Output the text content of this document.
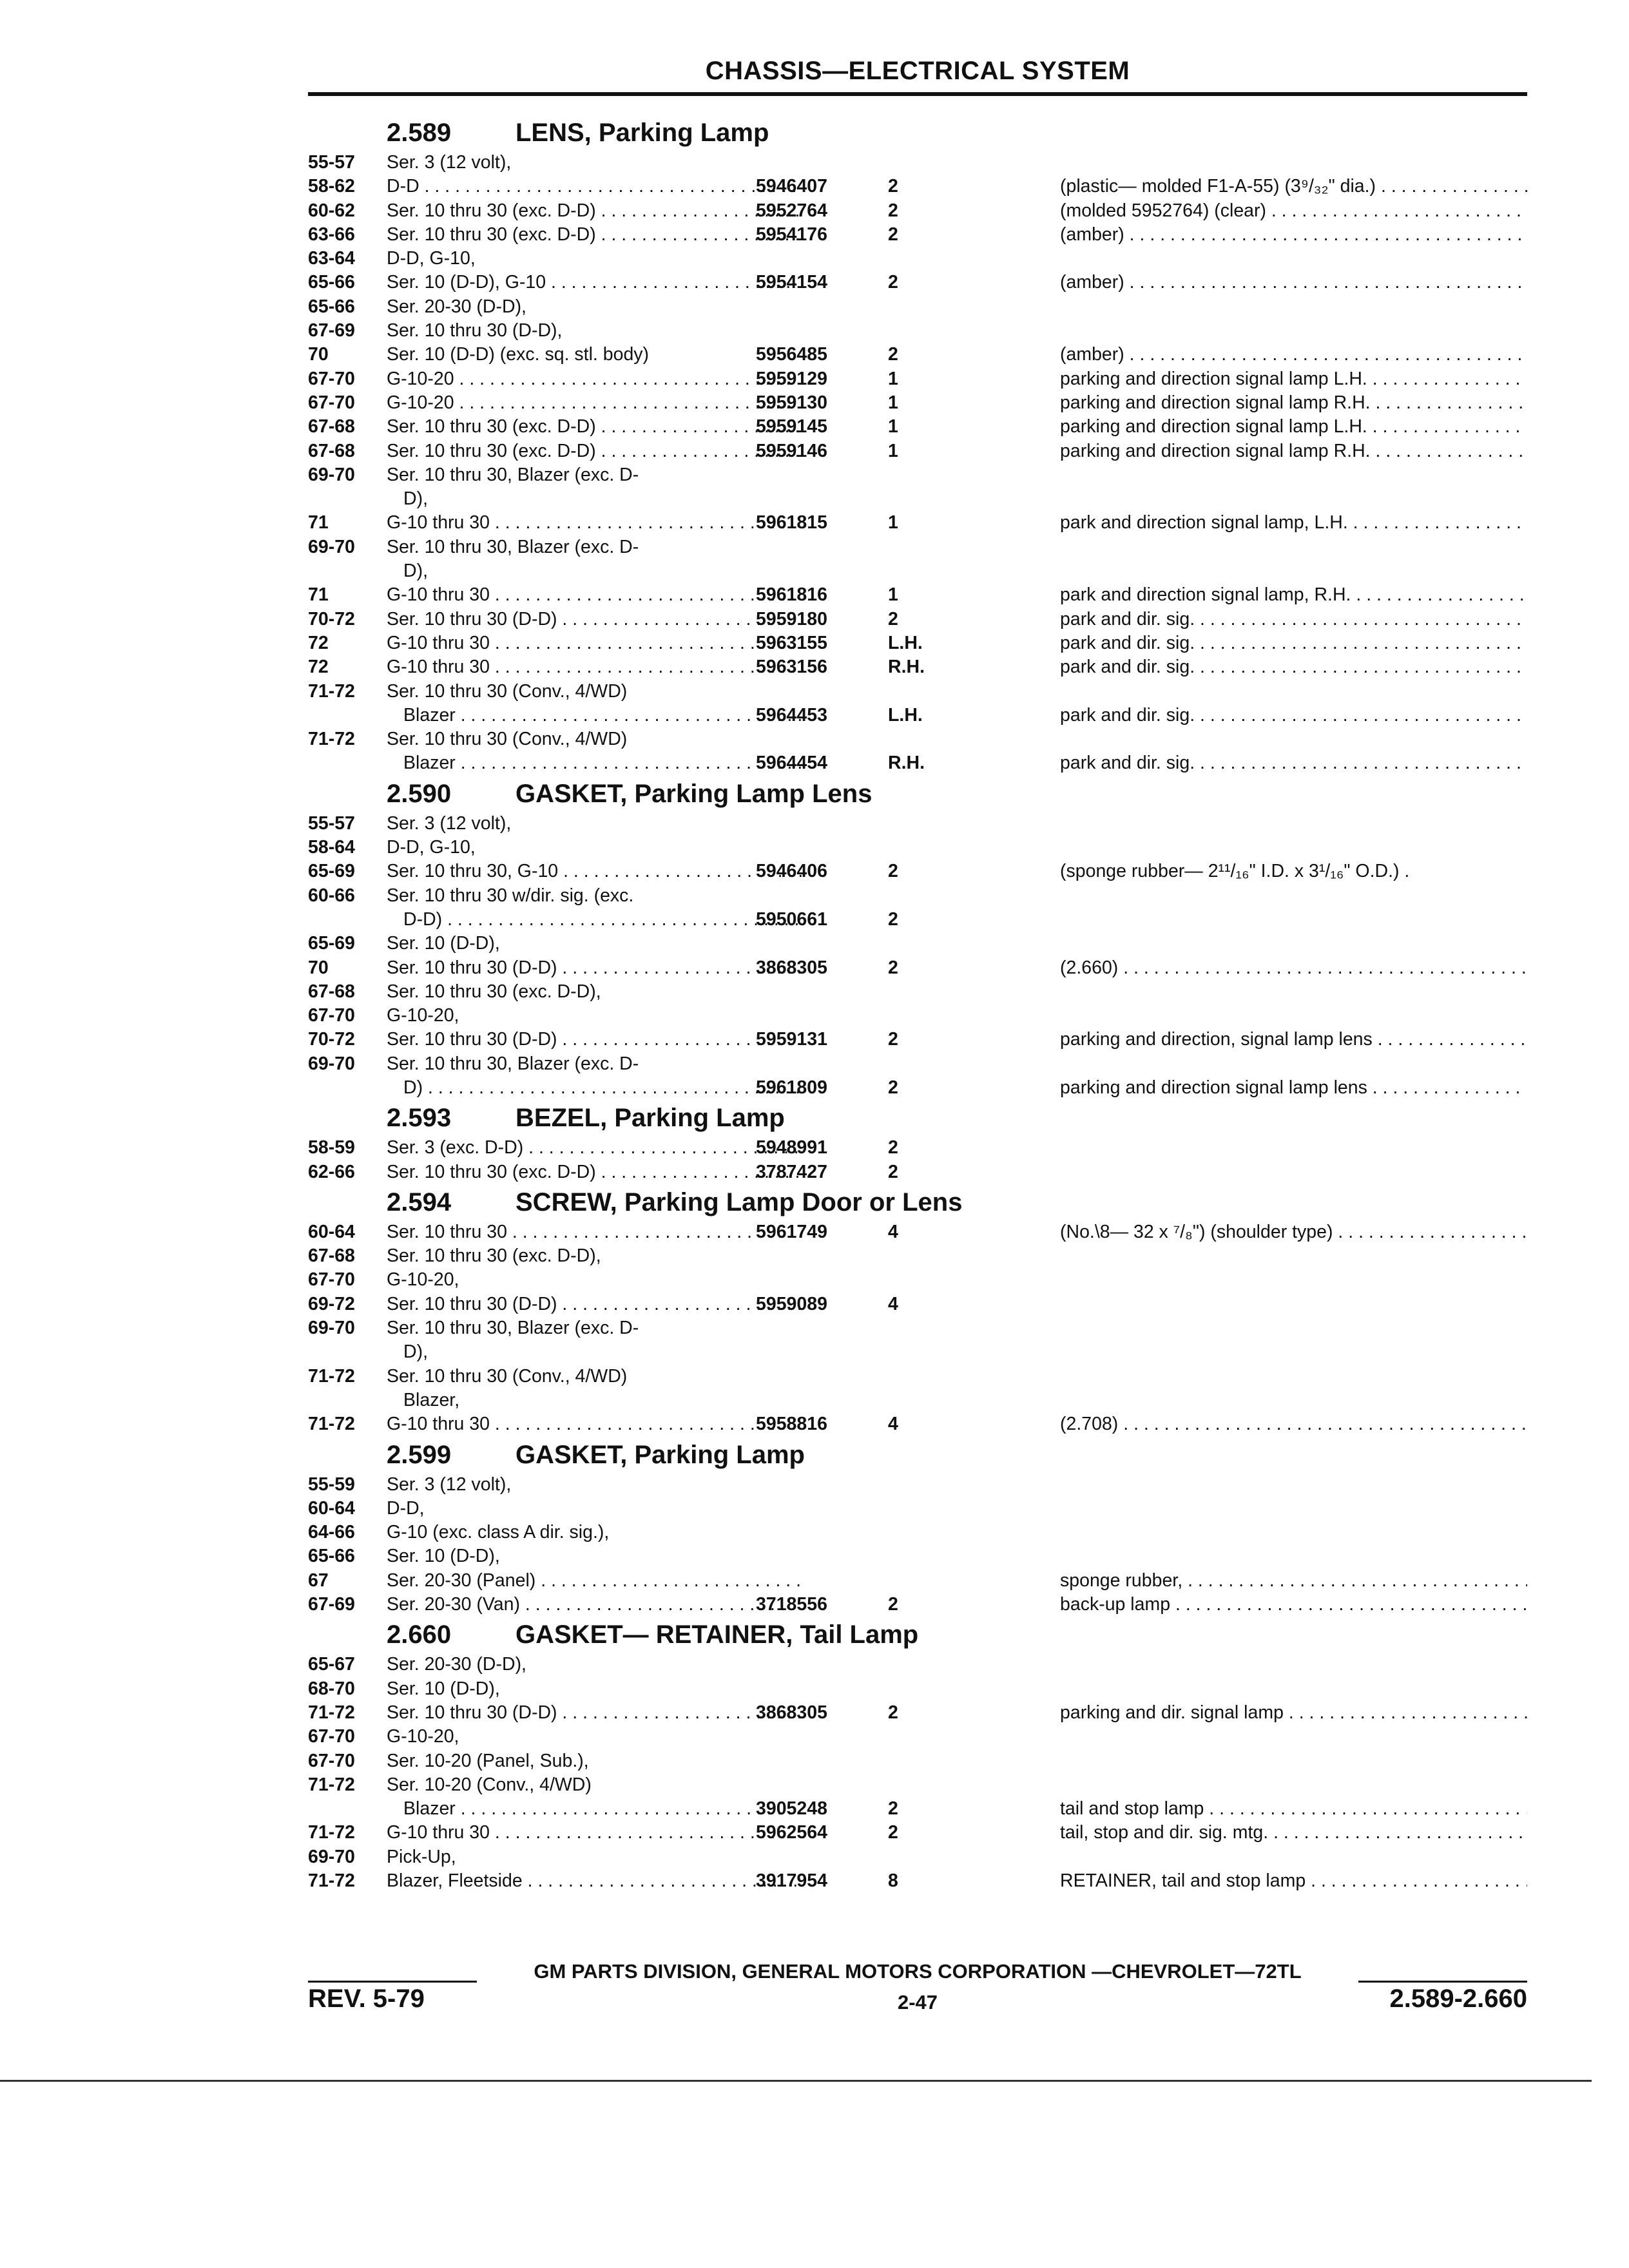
CHASSIS—ELECTRICAL SYSTEM
2.589 LENS, Parking Lamp
55-57 Ser. 3 (12 volt),
58-62 D-D . . .	5946407	2	(plastic— molded F1-A-55) (3⁹/₃₂" dia.) . . .
60-62 Ser. 10 thru 30 (exc. D-D) . . .	5952764	2	(molded 5952764) (clear) . . .
63-66 Ser. 10 thru 30 (exc. D-D) . . .	5954176	2	(amber) . . .
63-64 D-D, G-10,
65-66 Ser. 10 (D-D), G-10 . . .	5954154	2	(amber) . . .
65-66 Ser. 20-30 (D-D),
67-69 Ser. 10 thru 30 (D-D),
70	Ser. 10 (D-D) (exc. sq. stl. body)	5956485	2	(amber) . . .
67-70 G-10-20 . . .	5959129	1	parking and direction signal lamp L.H. . . .
67-70 G-10-20 . . .	5959130	1	parking and direction signal lamp R.H. . . .
67-68 Ser. 10 thru 30 (exc. D-D) . . .	5959145	1	parking and direction signal lamp L.H. . . .
67-68 Ser. 10 thru 30 (exc. D-D) . . .	5959146	1	parking and direction signal lamp R.H. . . .
69-70 Ser. 10 thru 30, Blazer (exc. D-
D),
71	G-10 thru 30 . . .	5961815	1	park and direction signal lamp, L.H. . . .
69-70 Ser. 10 thru 30, Blazer (exc. D-
D),
71	G-10 thru 30 . . .	5961816	1	park and direction signal lamp, R.H. . . .
70-72 Ser. 10 thru 30 (D-D) . . .	5959180	2	park and dir. sig. . . .
72	G-10 thru 30 . . .	5963155	L.H.	park and dir. sig. . . .
72	G-10 thru 30 . . .	5963156	R.H.	park and dir. sig. . . .
71-72 Ser. 10 thru 30 (Conv., 4/WD)
Blazer . . .	5964453	L.H.	park and dir. sig. . . .
71-72 Ser. 10 thru 30 (Conv., 4/WD)
Blazer . . .	5964454	R.H.	park and dir. sig. . . .
2.590 GASKET, Parking Lamp Lens
55-57 Ser. 3 (12 volt),
58-64 D-D, G-10,
65-69 Ser. 10 thru 30, G-10 . . .	5946406	2	(sponge rubber— 2¹¹/₁₆" I.D. x 3¹/₁₆" O.D.) .
60-66 Ser. 10 thru 30 w/dir. sig. (exc.
D-D) . . .	5950661	2
65-69 Ser. 10 (D-D),
70	Ser. 10 thru 30 (D-D) . . .	3868305	2	(2.660) . . .
67-68 Ser. 10 thru 30 (exc. D-D),
67-70 G-10-20,
70-72 Ser. 10 thru 30 (D-D) . . .	5959131	2	parking and direction, signal lamp lens . . .
69-70 Ser. 10 thru 30, Blazer (exc. D-
D) . . .	5961809	2	parking and direction signal lamp lens . . .
2.593 BEZEL, Parking Lamp
58-59 Ser. 3 (exc. D-D) . . .	5948991	2
62-66 Ser. 10 thru 30 (exc. D-D) . . .	3787427	2
2.594 SCREW, Parking Lamp Door or Lens
60-64 Ser. 10 thru 30 . . .	5961749	4	(No.\8— 32 x ⁷/₈") (shoulder type) . . .
67-68 Ser. 10 thru 30 (exc. D-D),
67-70 G-10-20,
69-72 Ser. 10 thru 30 (D-D) . . .	5959089	4
69-70 Ser. 10 thru 30, Blazer (exc. D-
D),
71-72 Ser. 10 thru 30 (Conv., 4/WD)
Blazer,
71-72 G-10 thru 30 . . .	5958816	4	(2.708) . . .
2.599 GASKET, Parking Lamp
55-59 Ser. 3 (12 volt),
60-64 D-D,
64-66 G-10 (exc. class A dir. sig.),
65-66 Ser. 10 (D-D),
67	Ser. 20-30 (Panel) . . .	sponge rubber, . . .
67-69 Ser. 20-30 (Van) . . .	3718556	2	back-up lamp . . .
2.660 GASKET— RETAINER, Tail Lamp
65-67 Ser. 20-30 (D-D),
68-70 Ser. 10 (D-D),
71-72 Ser. 10 thru 30 (D-D) . . .	3868305	2	parking and dir. signal lamp . . .
67-70 G-10-20,
67-70 Ser. 10-20 (Panel, Sub.),
71-72 Ser. 10-20 (Conv., 4/WD)
Blazer . . .	3905248	2	tail and stop lamp . . .
71-72 G-10 thru 30 . . .	5962564	2	tail, stop and dir. sig. mtg. . . .
69-70 Pick-Up,
71-72 Blazer, Fleetside . . .	3917954	8	RETAINER, tail and stop lamp . . .
GM PARTS DIVISION, GENERAL MOTORS CORPORATION —CHEVROLET—72TL
REV. 5-79	2-47	2.589-2.660
